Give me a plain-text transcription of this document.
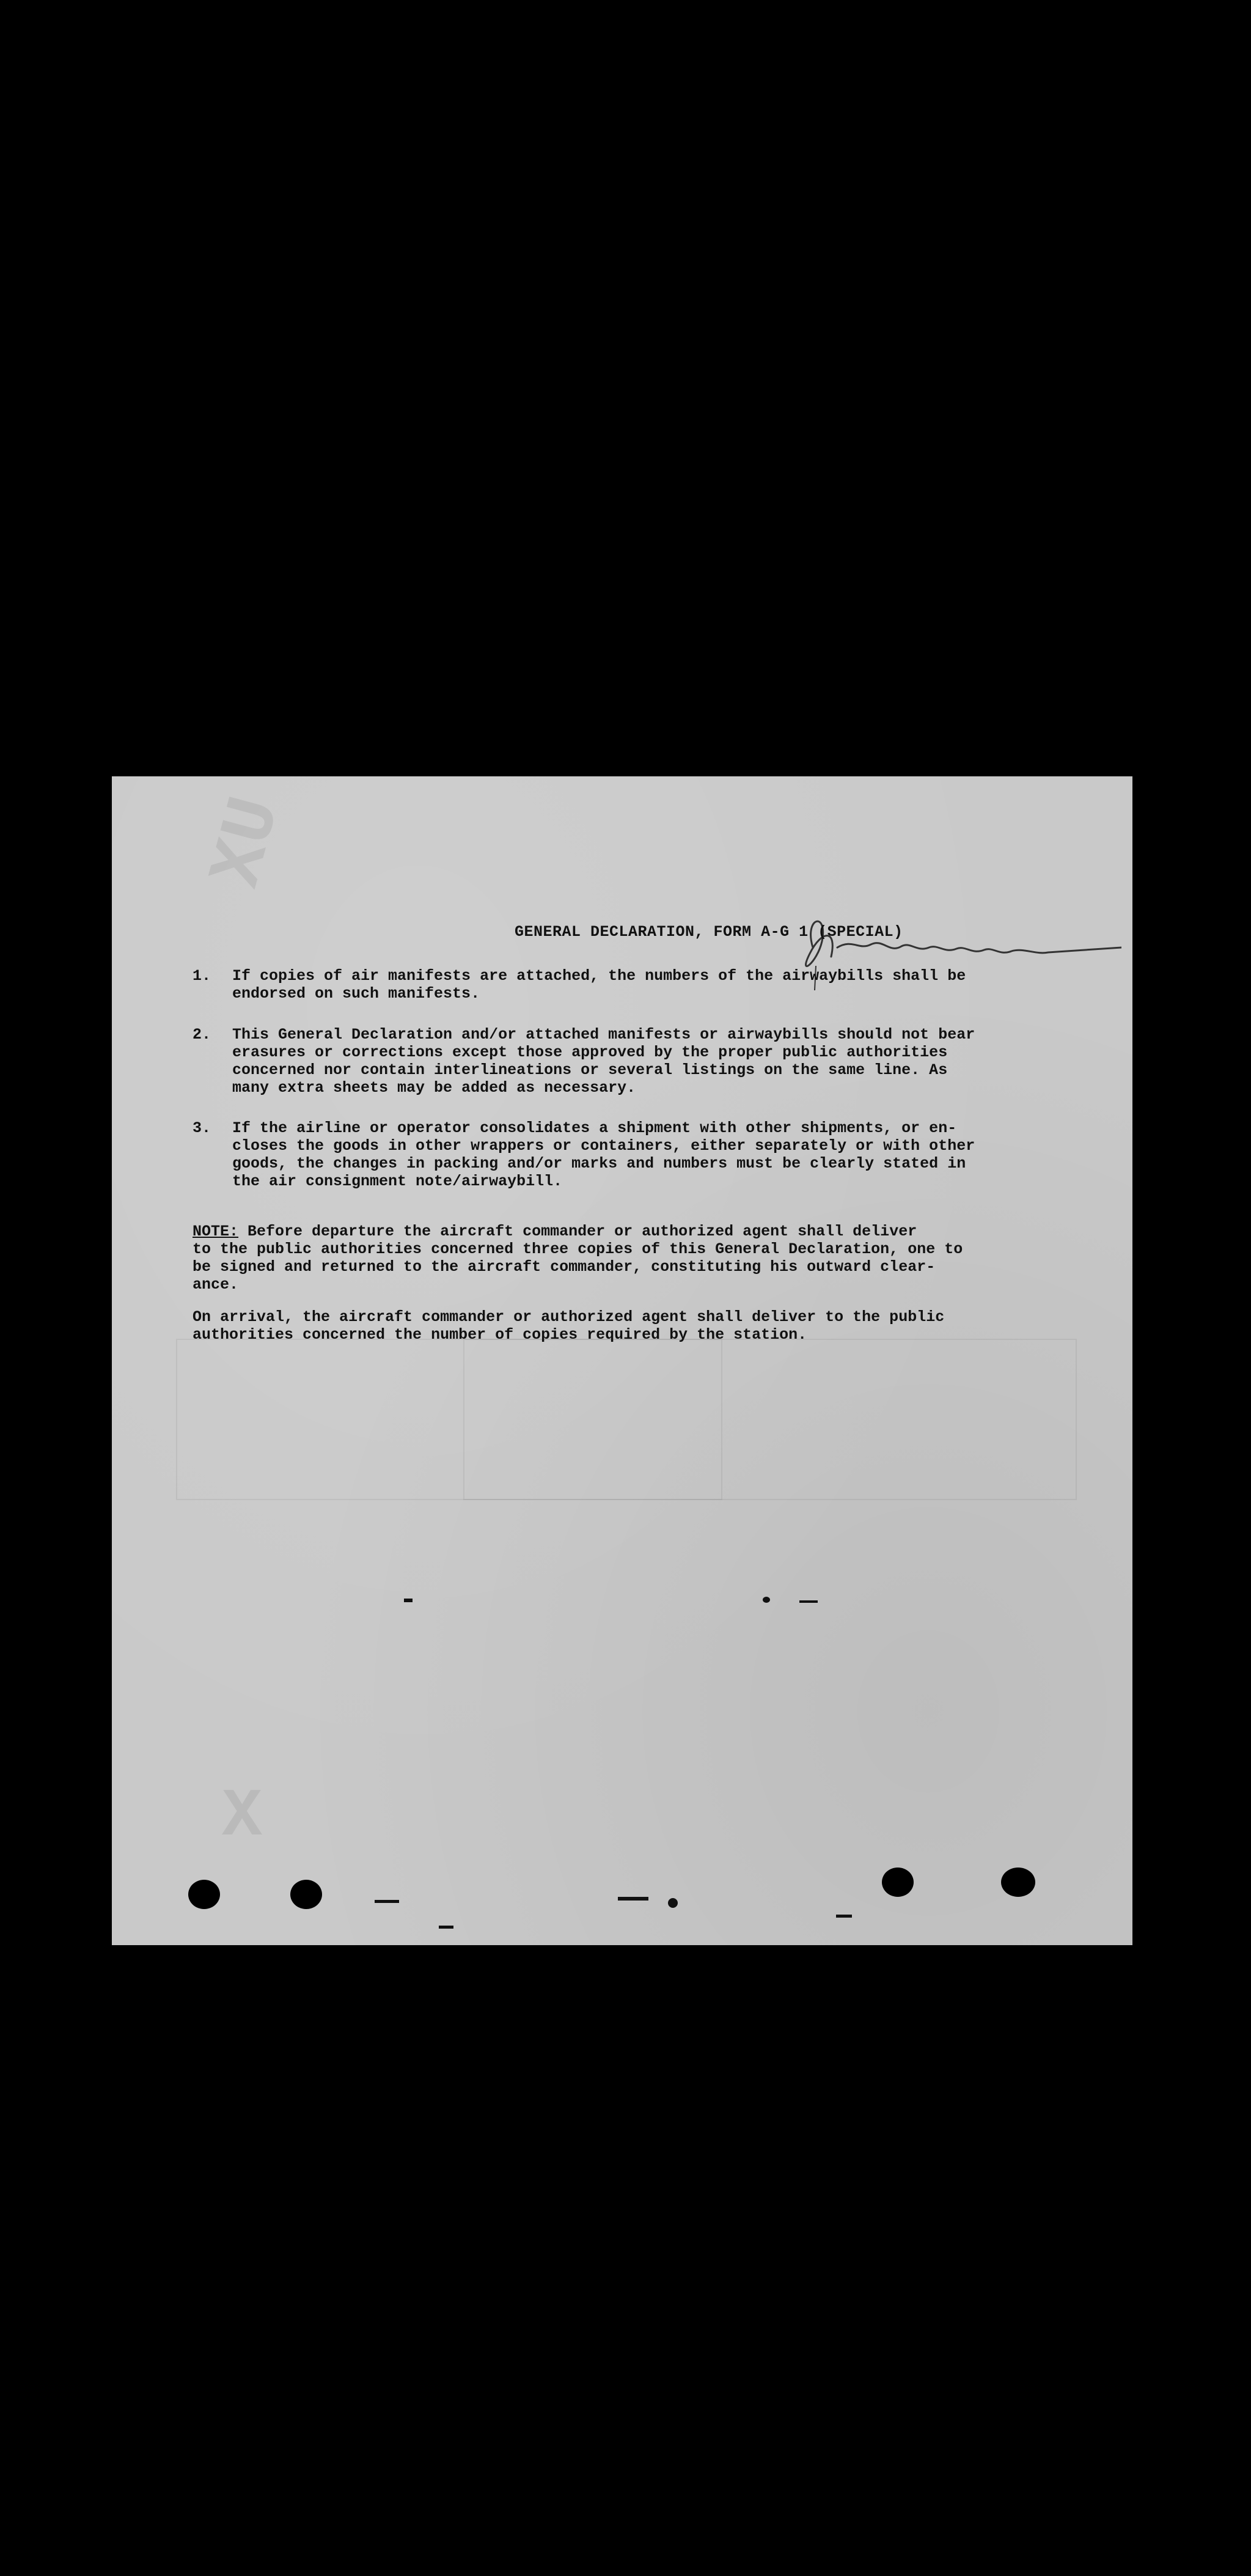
XU
X
GENERAL DECLARATION, FORM A-G 1 (SPECIAL)
1. If copies of air manifests are attached, the numbers of the airwaybills shall be
endorsed on such manifests.
2. This General Declaration and/or attached manifests or airwaybills should not bear
erasures or corrections except those approved by the proper public authorities
concerned nor contain interlineations or several listings on the same line. As
many extra sheets may be added as necessary.
3. If the airline or operator consolidates a shipment with other shipments, or en-
closes the goods in other wrappers or containers, either separately or with other
goods, the changes in packing and/or marks and numbers must be clearly stated in
the air consignment note/airwaybill.
NOTE: Before departure the aircraft commander or authorized agent shall deliver
to the public authorities concerned three copies of this General Declaration, one to
be signed and returned to the aircraft commander, constituting his outward clear-
ance.
On arrival, the aircraft commander or authorized agent shall deliver to the public
authorities concerned the number of copies required by the station.
